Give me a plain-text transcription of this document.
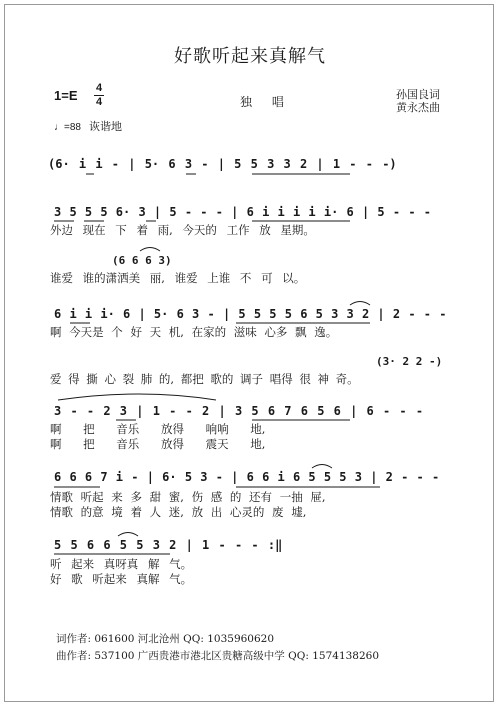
好歌听起来真解气
1=E 4
4	独 唱
孙国良词
黄永杰曲
♩=88 诙谐地
(6· i i - | 5· 6 3 - | 5 5 3 3 2 | 1 - - -)
3 5 5 5 6· 3 | 5 - - - | 6 i i i i i· 6 | 5 - - -
外边 现在 下 着 雨, 今天的 工作 放 星期。
(6 6 6 3)
谁爱 谁的潇洒美 丽, 谁爱 上谁 不 可 以。
6 i i i· 6 | 5· 6 3 - | 5 5 5 5 6 5 3 3 2 | 2 - - -
啊 今天是 个 好 天 机, 在家的 滋味 心多 飘 逸。
(3· 2 2 -)
爱 得 撕 心 裂 肺 的, 都把 歌的 调子 唱得 很 神 奇。
3 - - 2 3 | 1 - - 2 | 3 5 6 7 6 5 6 | 6 - - -
啊 把 音乐 放得 响响 地,
啊 把 音乐 放得 震天 地,
6 6 6 7 i - | 6· 5 3 - | 6 6 i 6 5 5 5 3 | 2 - - -
情歌 听起 来 多 甜 蜜, 伤 感 的 还有 一抽 屉,
情歌 的意 境 着 人 迷, 放 出 心灵的 废 墟,
5 5 6 6 5 5 3 2 | 1 - - - :‖
听 起来 真呀真 解 气。
好 歌 听起来 真解 气。
词作者: 061600 河北沧州 QQ: 1035960620
曲作者: 537100 广西贵港市港北区贵糖高级中学 QQ: 1574138260
